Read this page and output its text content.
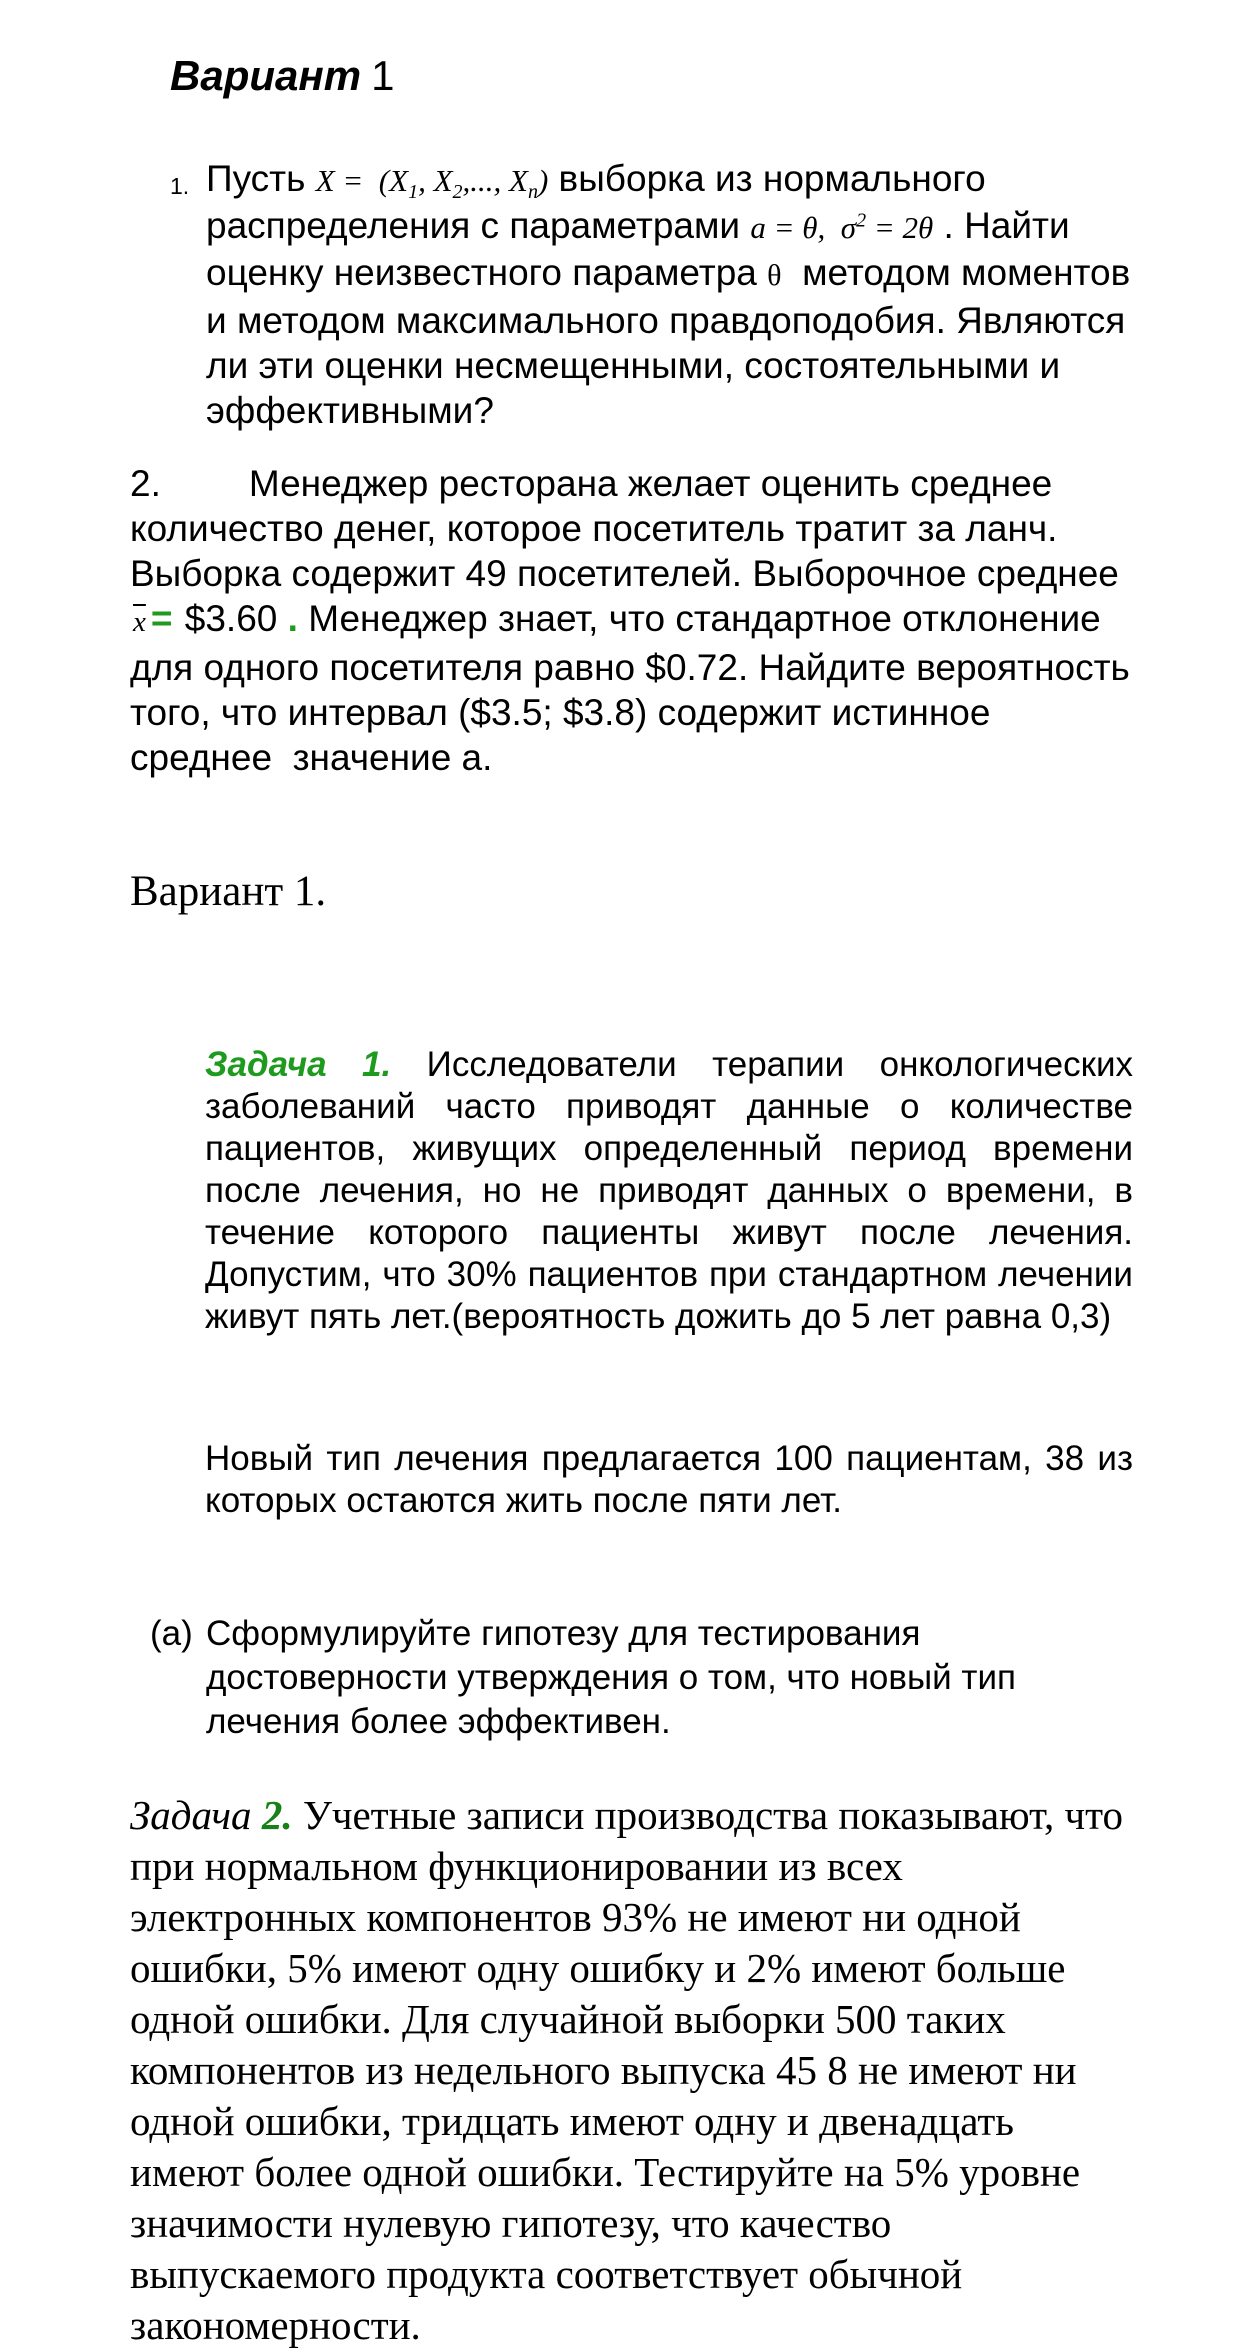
Вариант 1
1. Пусть $X = (X_1$, $X_2$,..., $X_n$) выборка из нормального распределения с параметрами a = θ,  $\sigma^2 = 2\theta$ . Найти оценку неизвестного параметра θ  методом моментов и методом максимального правдоподобия. Являются ли эти оценки несмещенными, состоятельными и эффективными?

2. Менеджер ресторана желает оценить среднее количество денег, которое посетитель тратит за ланч. Выборка содержит 49 посетителей. Выборочное среднее $\overline{x}$ = $3.60 . Менеджер знает, что стандартное отклонение для одного посетителя равно $0.72. Найдите вероятность того, что интервал ($3.5; $3.8) содержит истинное среднее  значение а.

Вариант 1.

Задача 1. Исследователи терапии онкологических заболеваний часто приводят данные о количестве пациентов, живущих определенный период времени после лечения, но не приводят данных о времени, в течение которого пациенты живут после лечения. Допустим, что 30% пациентов при стандартном лечении живут пять лет.(вероятность дожить до 5 лет равна 0,3)

Новый тип лечения предлагается 100 пациентам, 38 из которых остаются жить после пяти лет.

(а) Сформулируйте гипотезу для тестирования достоверности утверждения о том, что новый тип лечения более эффективен.

Задача 2. Учетные записи производства показывают, что при нормальном функционировании из всех электронных компонентов 93% не имеют ни одной ошибки, 5% имеют одну ошибку и 2% имеют больше одной ошибки. Для случайной выборки 500 таких компонентов из недельного выпуска 45 8 не имеют ни одной ошибки, тридцать имеют одну и двенадцать имеют более одной ошибки. Тестируйте на 5% уровне значимости нулевую гипотезу, что качество выпускаемого продукта соответствует обычной закономерности.
